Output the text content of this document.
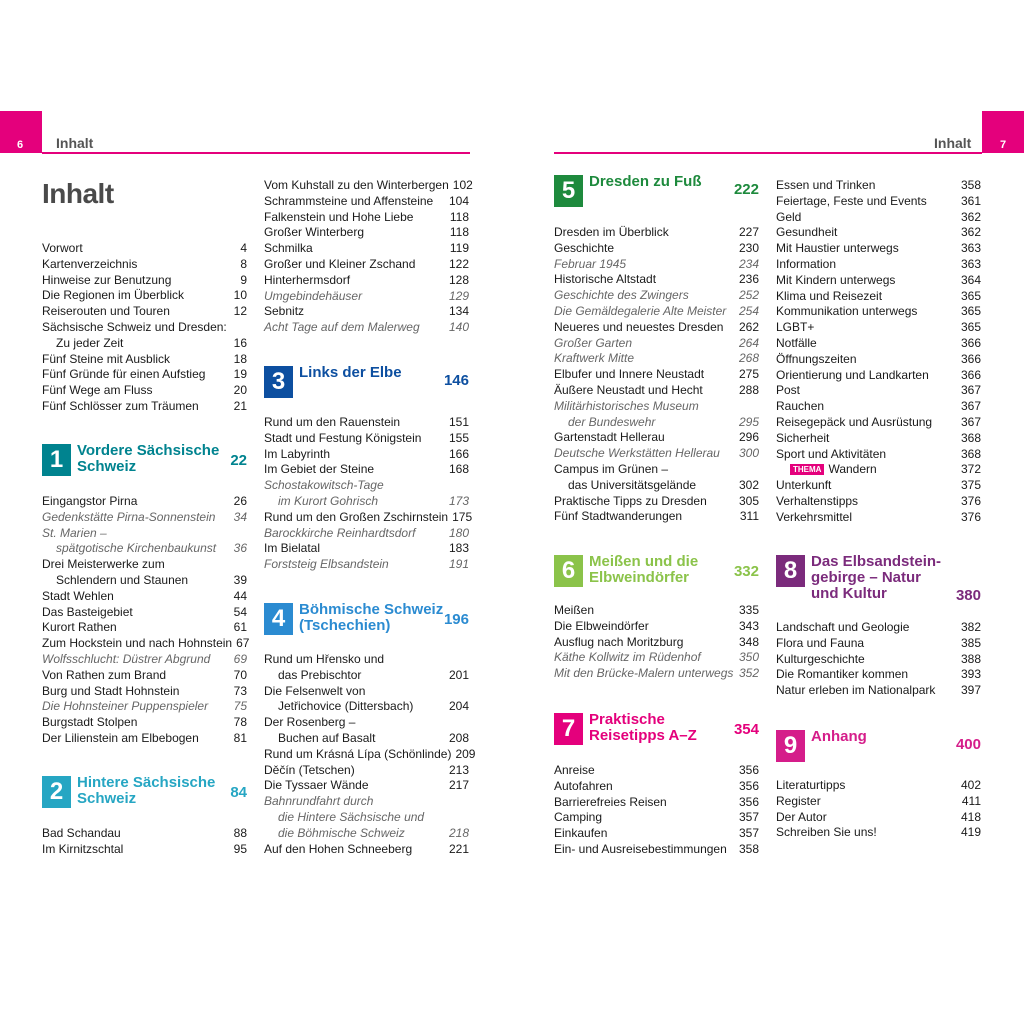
6 Inhalt	7
Inhalt
Inhalt
Vorwort	4
Kartenverzeichnis	8
Hinweise zur Benutzung	9
Die Regionen im Überblick	10
Reiserouten und Touren	12
Sächsische Schweiz und Dresden:
Zu jeder Zeit	16
Fünf Steine mit Ausblick	18
Fünf Gründe für einen Aufstieg	19
Fünf Wege am Fluss	20
Fünf Schlösser zum Träumen	21
1 Vordere Sächsische
Schweiz	22
Eingangstor Pirna	26
Gedenkstätte Pirna-Sonnenstein	34
St. Marien –
spätgotische Kirchenbaukunst	36
Drei Meisterwerke zum
Schlendern und Staunen	39
Stadt Wehlen	44
Das Basteigebiet	54
Kurort Rathen	61
Zum Hockstein und nach Hohnstein 67
Wolfsschlucht: Düstrer Abgrund	69
Von Rathen zum Brand	70
Burg und Stadt Hohnstein	73
Die Hohnsteiner Puppenspieler	75
Burgstadt Stolpen	78
Der Lilienstein am Elbebogen	81
2 Hintere Sächsische
Schweiz	84
Bad Schandau	88
Im Kirnitzschtal	95
Vom Kuhstall zu den Winterbergen 102
Schrammsteine und Affensteine	104
Falkenstein und Hohe Liebe	118
Großer Winterberg	118
Schmilka	119
Großer und Kleiner Zschand	122
Hinterhermsdorf	128
Umgebindehäuser	129
Sebnitz	134
Acht Tage auf dem Malerweg	140
3 Links der Elbe	146
Rund um den Rauenstein	151
Stadt und Festung Königstein	155
Im Labyrinth	166
Im Gebiet der Steine	168
Schostakowitsch-Tage
im Kurort Gohrisch	173
Rund um den Großen Zschirnstein 175
Barockkirche Reinhardtsdorf	180
Im Bielatal	183
Forststeig Elbsandstein	191
4 Böhmische Schweiz
(Tschechien)	196
Rund um Hřensko und
das Prebischtor	201
Die Felsenwelt von
Jetřichovice (Dittersbach)	204
Der Rosenberg –
Buchen auf Basalt	208
Rund um Krásná Lípa (Schönlinde) 209
Děčín (Tetschen)	213
Die Tyssaer Wände	217
Bahnrundfahrt durch
die Hintere Sächsische und
die Böhmische Schweiz	218
Auf den Hohen Schneeberg	221
5 Dresden zu Fuß 222
Dresden im Überblick	227
Geschichte	230
Februar 1945	234
Historische Altstadt	236
Geschichte des Zwingers	252
Die Gemäldegalerie Alte Meister	254
Neueres und neuestes Dresden	262
Großer Garten	264
Kraftwerk Mitte	268
Elbufer und Innere Neustadt	275
Äußere Neustadt und Hecht	288
Militärhistorisches Museum
der Bundeswehr	295
Gartenstadt Hellerau	296
Deutsche Werkstätten Hellerau	300
Campus im Grünen –
das Universitätsgelände	302
Praktische Tipps zu Dresden	305
Fünf Stadtwanderungen	311
6 Meißen und die
Elbweindörfer	332
Meißen	335
Die Elbweindörfer	343
Ausflug nach Moritzburg	348
Käthe Kollwitz im Rüdenhof	350
Mit den Brücke-Malern unterwegs 352
7 Praktische
Reisetipps A–Z 354
Anreise	356
Autofahren	356
Barrierefreies Reisen	356
Camping	357
Einkaufen	357
Ein- und Ausreisebestimmungen	358
Essen und Trinken	358
Feiertage, Feste und Events	361
Geld	362
Gesundheit	362
Mit Haustier unterwegs	363
Information	363
Mit Kindern unterwegs	364
Klima und Reisezeit	365
Kommunikation unterwegs	365
LGBT+	365
Notfälle	366
Öffnungszeiten	366
Orientierung und Landkarten	366
Post	367
Rauchen	367
Reisegepäck und Ausrüstung	367
Sicherheit	368
Sport und Aktivitäten	368
THEMA Wandern	372
Unterkunft	375
Verhaltenstipps	376
Verkehrsmittel	376
8 Das Elbsandstein-
gebirge – Natur
und Kultur	380
Landschaft und Geologie	382
Flora und Fauna	385
Kulturgeschichte	388
Die Romantiker kommen	393
Natur erleben im Nationalpark	397
9 Anhang	400
Literaturtipps	402
Register	411
Der Autor	418
Schreiben Sie uns!	419
